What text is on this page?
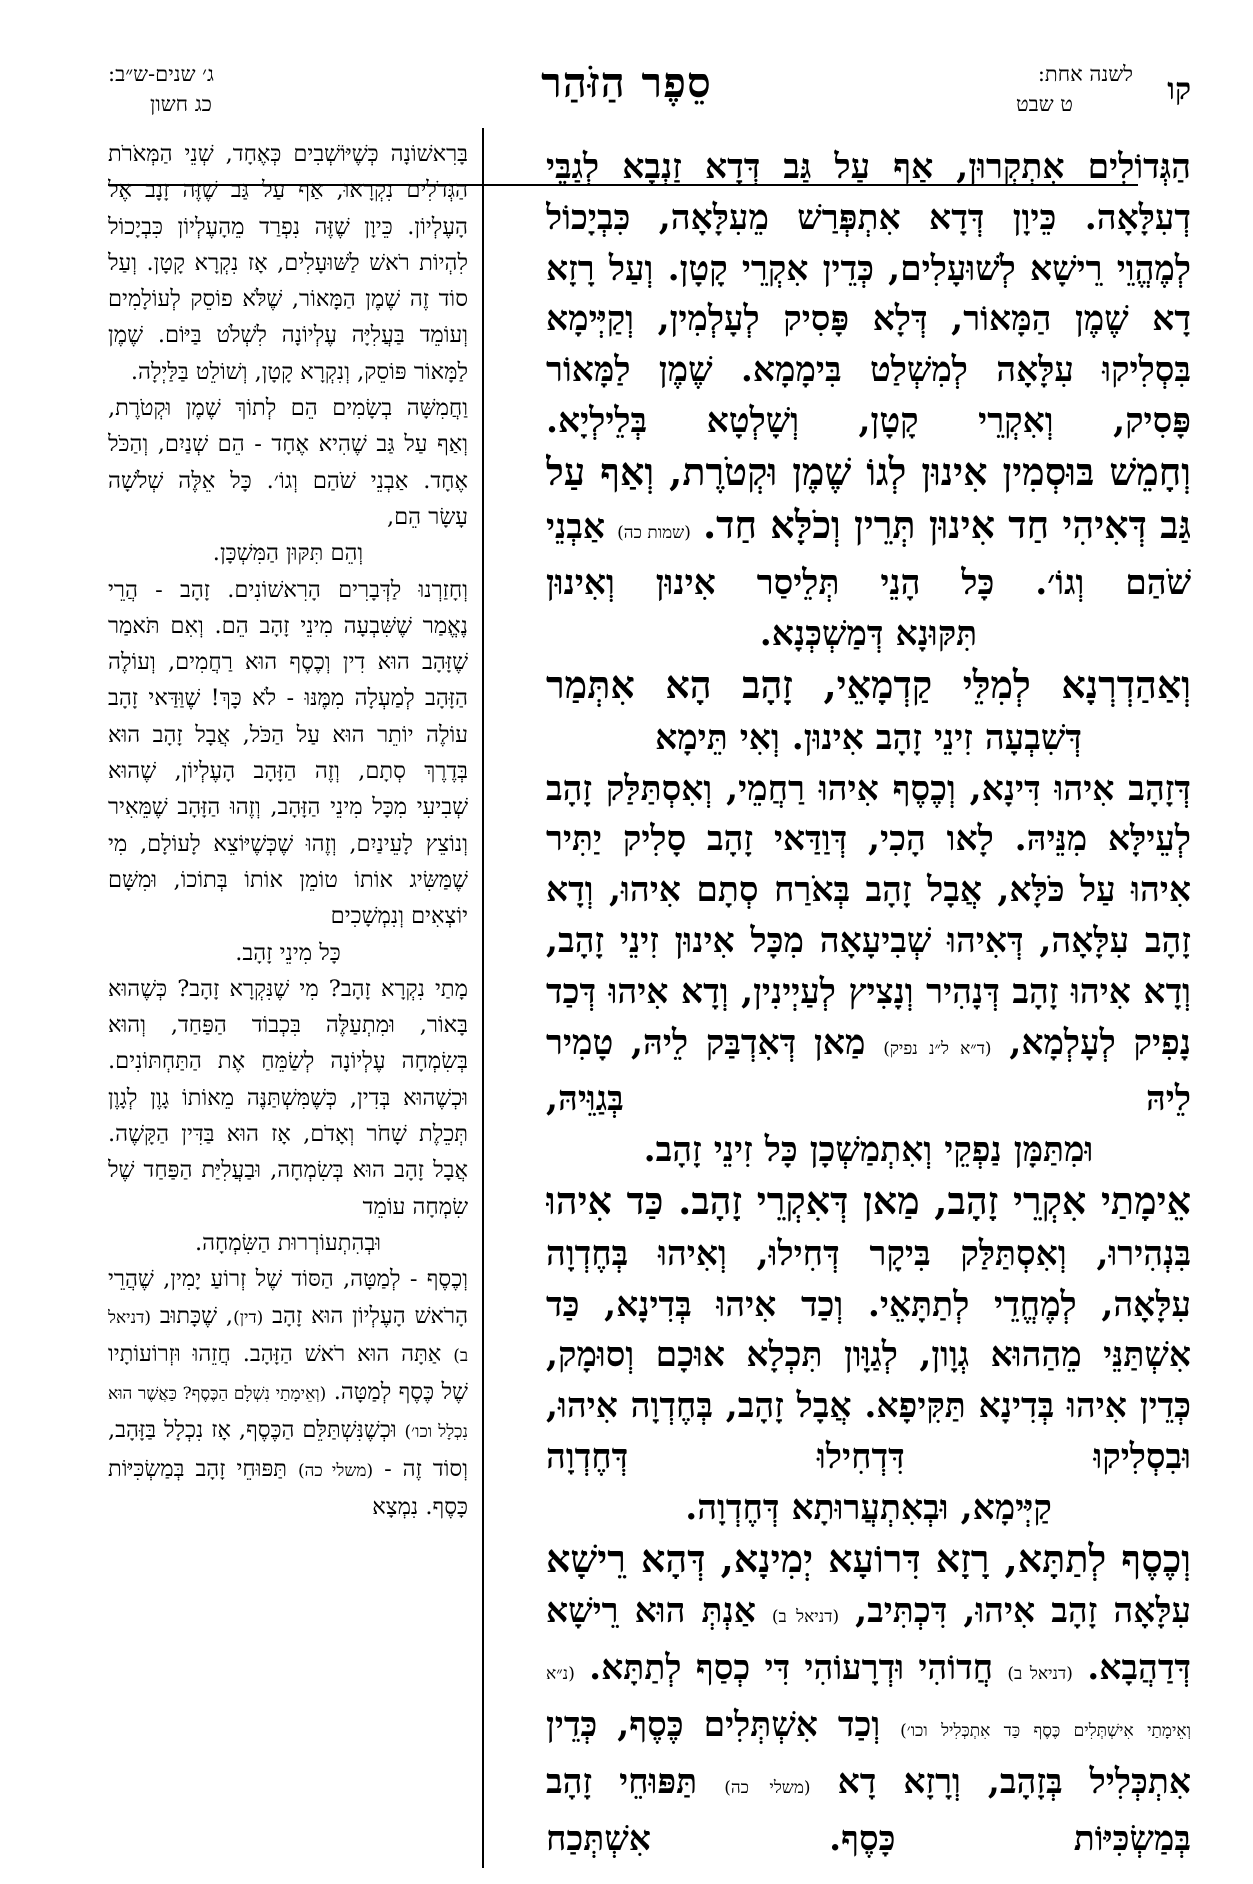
קו
לשנה אחת:
ט שבט
סֵפֶר הַזֹּהַר
ג׳ שנים-ש״ב:
כג חשון

הַגְּדוֹלִים אִתְקְרוּן, אַף עַל גַּב דְּדָא זַנְבָא לְגַבֵּי דְעִלָּאָה. כֵּיוָן דְּדָא אִתְפְּרַשׁ מֵעִלָּאָה, כִּבְיָכוֹל לְמֶהֱוֵי רֵישָׁא לְשׁוּעָלִים, כְּדֵין אִקְרֵי קָטָן. וְעַל רָזָא דָא שֶׁמֶן הַמָּאוֹר, דְּלָא פָּסִיק לְעָלְמִין, וְקַיְּימָא בִּסְלִיקוּ עִלָּאָה לְמִשְׁלַט בִּימָמָא. שֶׁמֶן לַמָּאוֹר פָּסִיק, וְאִקְרֵי קָטָן, וְשָׁלְטָא בְּלֵילְיָא.

וְחָמֵשׁ בּוּסְמִין אִינוּן לְגוֹ שֶׁמֶן וּקְטֹרֶת, וְאַף עַל גַּב דְּאִיהִי חַד אִינוּן תְּרֵין וְכֹלָּא חַד. (שמות כה) אַבְנֵי שֹׁהַם וְגוֹ׳. כָּל הָנֵי תְּלֵיסַר אִינוּן וְאִינוּן
תִּקּוּנָא דְּמַשְׁכְּנָא.

וְאַהַדְרְנָא לְמִלֵּי קַדְמָאֵי, זָהָב הָא אִתְּמַר
דְּשִׁבְעָה זִינֵי זָהָב אִינוּן. וְאִי תֵּימָא
דְּזָהָב אִיהוּ דִּינָא, וְכֶסֶף אִיהוּ רַחֲמֵי, וְאִסְתַּלַּק זָהָב לְעֵילָּא מִנֵּיהּ. לָאו הָכִי, דְּוַדַּאי זָהָב סָלִיק יַתִּיר אִיהוּ עַל כֹּלָּא, אֲבָל זָהָב בְּאֹרַח סְתָם אִיהוּ, וְדָא זָהָב עִלָּאָה, דְּאִיהוּ שְׁבִיעָאָה מִכָּל אִינוּן זִינֵי זָהָב, וְדָא אִיהוּ זָהָב דְּנָהִיר וְנָצִיץ לְעַיְינִין, וְדָא אִיהוּ דְּכַד נָפִיק לְעָלְמָא, (ד״א ל״נ נפיק) מַאן דְּאִדְבַּק לֵיהּ, טָמִיר לֵיהּ בְּגַוֵּיהּ,
וּמִתַּמָּן נַפְקֵי וְאִתְמַשְׁכָן כָּל זִינֵי זָהָב.

אֵימָתַי אִקְרֵי זָהָב, מַאן דְּאִקְרֵי זָהָב. כַּד אִיהוּ בִּנְהִירוּ, וְאִסְתַּלַּק בִּיקָר דְּחִילוּ, וְאִיהוּ בְּחֶדְוָה עִלָּאָה, לְמֶחֱדֵי לְתַתָּאֵי. וְכַד אִיהוּ בְּדִינָא, כַּד אִשְׁתַּנֵּי מֵהַהוּא גְוָון, לְגַוָּון תִּכְלָא אוּכָם וְסוּמָק, כְּדֵין אִיהוּ בְּדִינָא תַּקִּיפָא. אֲבָל זָהָב, בְּחֶדְוָה אִיהוּ, וּבִסְלִיקוּ דִּדְחִילוּ דְּחֶדְוָה
קַיְּימָא, וּבְאִתְעֲרוּתָא דְּחֶדְוָה.

וְכֶסֶף לְתַתָּא, רָזָא דִּרוֹעָא יְמִינָא, דְּהָא רֵישָׁא עִלָּאָה זָהָב אִיהוּ, דִּכְתִּיב, (דניאל ב) אַנְתְּ הוּא רֵישָׁא דְּדַהֲבָא. (דניאל ב) חֲדוֹהִי וּדְרָעוֹהִי דִּי כְסַף לְתַתָּא. (נ״א וְאֵימָתַי אִישְׁתְּלִים כֶּסֶף כַּד אִתְכְּלִיל וכו׳) וְכַד אִשְׁתְּלִים כֶּסֶף, כְּדֵין אִתְכְּלִיל בְּזָהָב, וְרָזָא דָא (משלי כה) תַּפּוּחֵי זָהָב בְּמַשְׂכִּיּוֹת כָּסֶף. אִשְׁתְּכַח

בָּרִאשׁוֹנָה כְּשֶׁיּוֹשְׁבִים כְּאֶחָד, שְׁנֵי הַמְּאֹרֹת הַגְּדֹלִים נִקְרָאוּ, אַף עַל גַּב שֶׁזֶּה זָנָב אֶל הָעֶלְיוֹן. כֵּיוָן שֶׁזֶּה נִפְרַד מֵהָעֶלְיוֹן כִּבְיָכוֹל לִהְיוֹת רֹאשׁ לַשּׁוּעָלִים, אָז נִקְרָא קָטָן. וְעַל סוֹד זֶה שֶׁמֶן הַמָּאוֹר, שֶׁלֹּא פוֹסֵק לְעוֹלָמִים וְעוֹמֵד בַּעֲלִיָּה עֶלְיוֹנָה לִשְׁלֹט בַּיּוֹם. שֶׁמֶן לַמָּאוֹר פּוֹסֵק, וְנִקְרָא קָטָן, וְשׁוֹלֵט בַּלַּיְלָה.

וַחֲמִשָּׁה בְשָׂמִים הֵם לְתוֹךְ שֶׁמֶן וּקְטֹרֶת, וְאַף עַל גַּב שֶׁהִיא אֶחָד - הֵם שְׁנַיִם, וְהַכֹּל אֶחָד. אַבְנֵי שֹׁהַם וְגוֹ׳. כָּל אֵלֶּה שְׁלֹשָׁה עָשָׂר הֵם,
וְהֵם תִּקּוּן הַמִּשְׁכָּן.

וְחָזַרְנוּ לַדְּבָרִים הָרִאשׁוֹנִים. זָהָב - הֲרֵי נֶאֱמַר שֶׁשִּׁבְעָה מִינֵי זָהָב הֵם. וְאִם תֹּאמַר שֶׁזָּהָב הוּא דִין וְכֶסֶף הוּא רַחֲמִים, וְעוֹלֶה הַזָּהָב לְמַעְלָה מִמֶּנּוּ - לֹא כָּךְ! שֶׁוַּדַּאי זָהָב עוֹלֶה יוֹתֵר הוּא עַל הַכֹּל, אֲבָל זָהָב הוּא בְּדֶרֶךְ סְתָם, וְזֶה הַזָּהָב הָעֶלְיוֹן, שֶׁהוּא שְׁבִיעִי מִכָּל מִינֵי הַזָּהָב, וְזֶהוּ הַזָּהָב שֶׁמֵּאִיר וְנוֹצֵץ לָעֵינַיִם, וְזֶהוּ שֶׁכְּשֶׁיּוֹצֵא לָעוֹלָם, מִי שֶׁמַּשִּׂיג אוֹתוֹ טוֹמֵן אוֹתוֹ בְּתוֹכוֹ, וּמִשָּׁם יוֹצְאִים וְנִמְשָׁכִים
כָּל מִינֵי זָהָב.

מָתַי נִקְרָא זָהָב? מִי שֶׁנִּקְרָא זָהָב? כְּשֶׁהוּא בָּאוֹר, וּמִתְעַלֶּה בִּכְבוֹד הַפַּחַד, וְהוּא בְּשִׂמְחָה עֶלְיוֹנָה לְשַׂמֵּחַ אֶת הַתַּחְתּוֹנִים. וּכְשֶׁהוּא בְּדִין, כְּשֶׁמִּשְׁתַּנֶּה מֵאוֹתוֹ גָוֶן לְגָוֶן תְּכֵלֶת שָׁחֹר וְאָדֹם, אָז הוּא בַּדִּין הַקָּשֶׁה. אֲבָל זָהָב הוּא בְּשִׂמְחָה, וּבַעֲלִיַּת הַפַּחַד שֶׁל שִׂמְחָה עוֹמֵד
וּבְהִתְעוֹרְרוּת הַשִּׂמְחָה.

וְכֶסֶף - לְמַטָּה, הַסּוֹד שֶׁל זְרוֹעַ יָמִין, שֶׁהֲרֵי הָרֹאשׁ הָעֶלְיוֹן הוּא זָהָב (דין), שֶׁכָּתוּב (דניאל ב) אַתָּה הוּא רֹאשׁ הַזָּהָב. חֲזֵהוּ וּזְרוֹעוֹתָיו שֶׁל כֶּסֶף לְמַטָּה. (וְאֵימָתַי נִשְׁלָם הַכֶּסֶף? כַּאֲשֶׁר הוּא נִכְלָל וכו׳) וּכְשֶׁנִּשְׁתַּלֵּם הַכֶּסֶף, אָז נִכְלָל בַּזָּהָב, וְסוֹד זֶה - (משלי כה) תַּפּוּחֵי זָהָב בְּמַשְׂכִּיּוֹת כָּסֶף. נִמְצָא
